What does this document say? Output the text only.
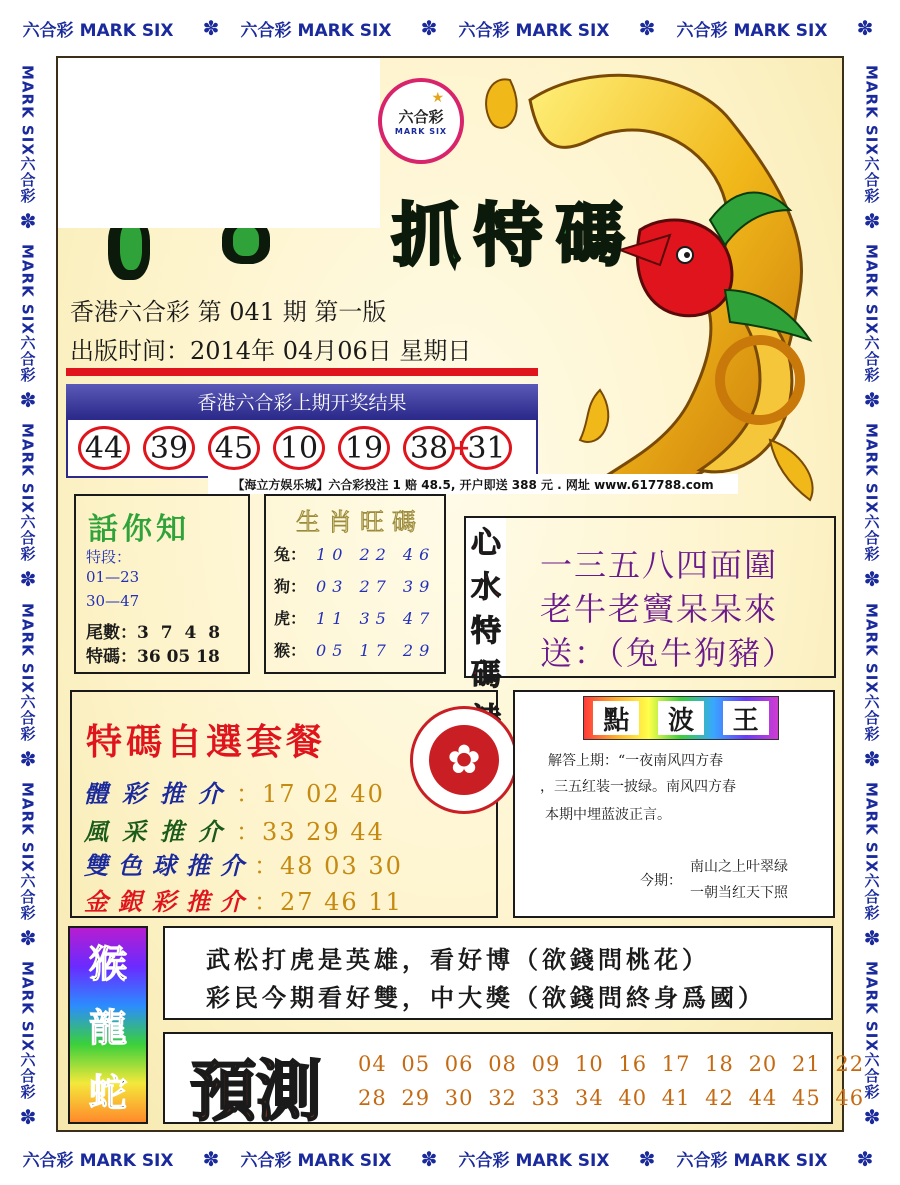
六合彩 MARK SIX	✽ 六合彩 MARK SIX	✽ 六合彩 MARK SIX	✽ 六合彩 MARK SIX	✽
六合彩 MARK SIX	✽ 六合彩 MARK SIX	✽ 六合彩 MARK SIX	✽ 六合彩 MARK SIX	✽
MARK SIX六合彩
✽
MARK SIX六合彩
✽
MARK SIX六合彩
✽
MARK SIX六合彩
✽
MARK SIX六合彩
✽
MARK SIX六合彩
✽
MARK SIX六合彩
✽
MARK SIX六合彩
✽
MARK SIX六合彩
✽
MARK SIX六合彩
✽
MARK SIX六合彩
✽
MARK SIX六合彩
✽
★
六合彩
MARK SIX
抓特碼
香港六合彩 第 041 期 第一版
出版时间：2014年 04月06日 星期日
香港六合彩上期开奖结果
44 39 45 10 19 38 +
31
【海立方娱乐城】六合彩投注 1 赔 48.5, 开户即送 388 元 . 网址 www.617788.com
話你知
特段：
01—23
30—47
尾數：3 7 4 8
特碼：36 05 18
生肖旺碼
兔： 10 22 46
狗： 03 27 39
虎： 11 35 47
猴： 05 17 29
心
水
特
碼
一三五八四面圍
老牛老竇呆呆來
送：（兔牛狗豬）
特碼自選套餐
體彩推介：17 02 40
風采推介：33 29 44
雙色球推介：48 03 30
金銀彩推介：27 46 11
✿
點	波	王
解答上期：“一夜南风四方春
，三五红装一披绿。南风四方春
本期中埋蓝波正言。
今期：
南山之上叶翠绿
一朝当红天下照
猴
龍
蛇
武松打虎是英雄，看好博（欲錢問桃花）
彩民今期看好雙，中大獎（欲錢問終身爲國）
預測 04 05 06 08 09 10 16 17 18 20 21 22
28 29 30 32 33 34 40 41 42 44 45 46
